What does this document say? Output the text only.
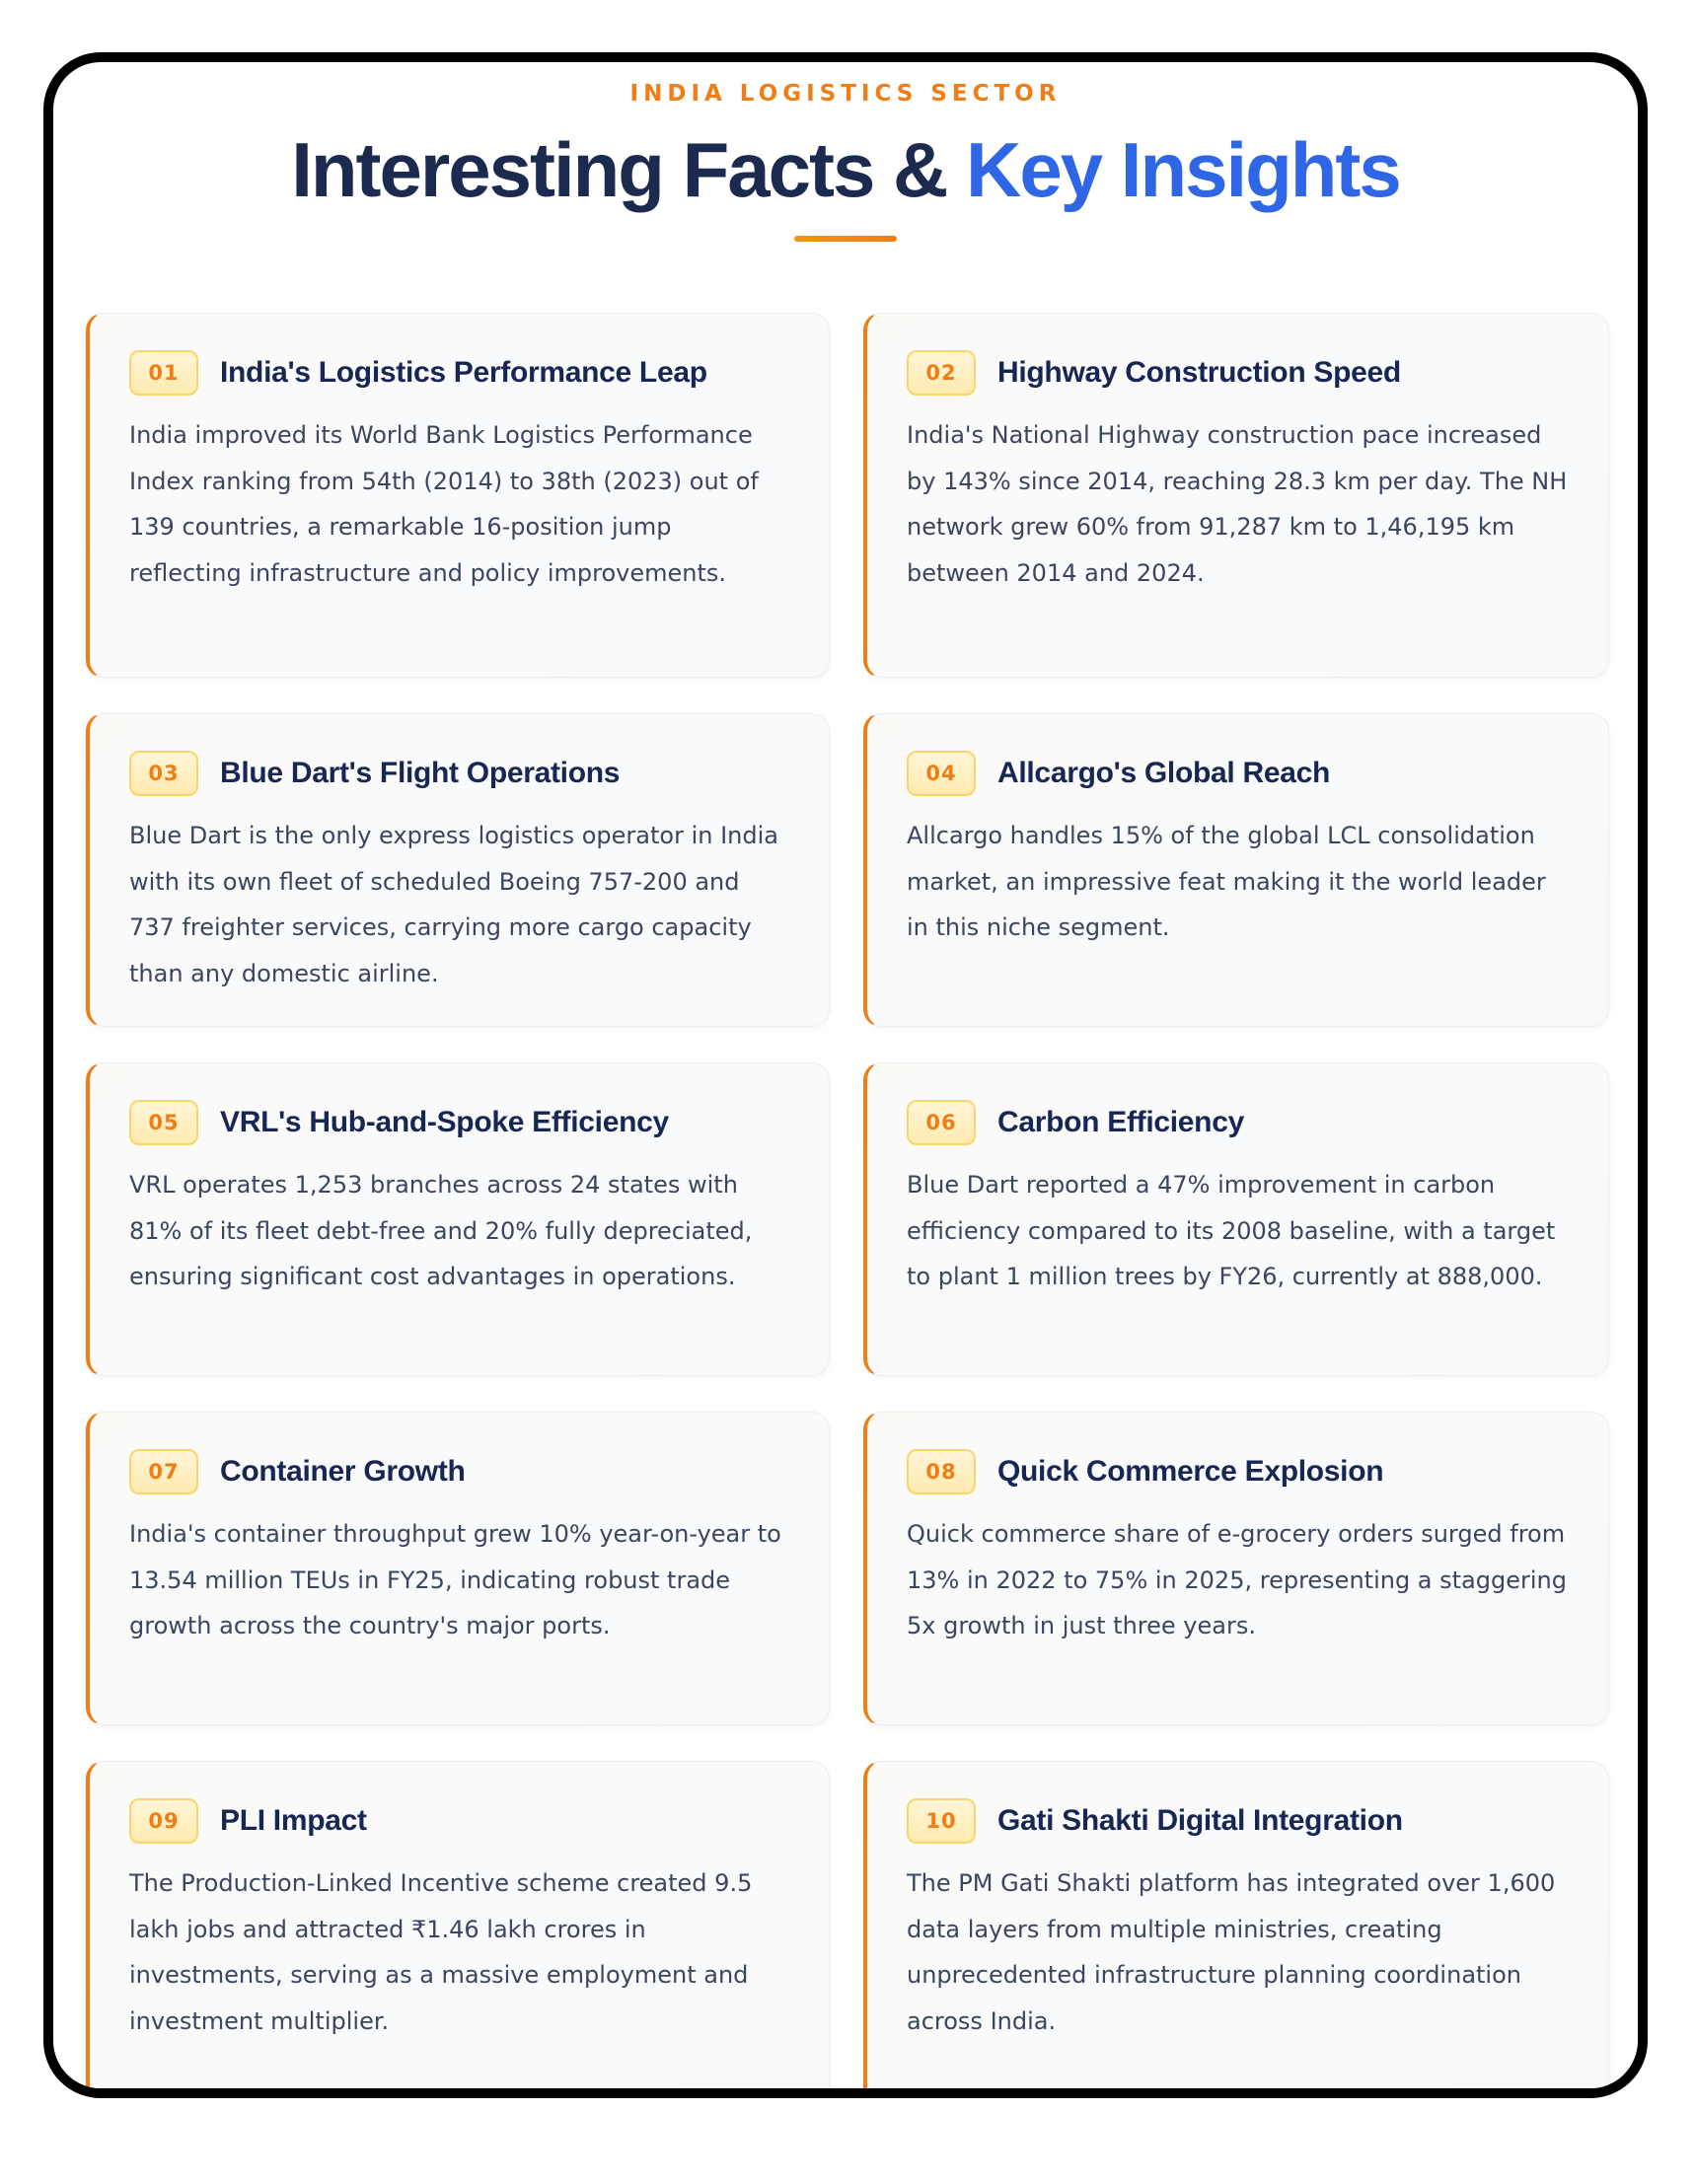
INDIA LOGISTICS SECTOR
Interesting Facts & Key Insights
01	India's Logistics Performance Leap

India improved its World Bank Logistics Performance Index ranking from 54th (2014) to 38th (2023) out of 139 countries, a remarkable 16-position jump reflecting infrastructure and policy improvements.

02	Highway Construction Speed

India's National Highway construction pace increased by 143% since 2014, reaching 28.3 km per day. The NH network grew 60% from 91,287 km to 1,46,195 km between 2014 and 2024.

03	Blue Dart's Flight Operations

Blue Dart is the only express logistics operator in India with its own fleet of scheduled Boeing 757-200 and 737 freighter services, carrying more cargo capacity than any domestic airline.

04	Allcargo's Global Reach

Allcargo handles 15% of the global LCL consolidation market, an impressive feat making it the world leader in this niche segment.

05	VRL's Hub-and-Spoke Efficiency

VRL operates 1,253 branches across 24 states with 81% of its fleet debt-free and 20% fully depreciated, ensuring significant cost advantages in operations.

06	Carbon Efficiency

Blue Dart reported a 47% improvement in carbon efficiency compared to its 2008 baseline, with a target to plant 1 million trees by FY26, currently at 888,000.

07	Container Growth

India's container throughput grew 10% year-on-year to 13.54 million TEUs in FY25, indicating robust trade growth across the country's major ports.

08	Quick Commerce Explosion

Quick commerce share of e-grocery orders surged from 13% in 2022 to 75% in 2025, representing a staggering 5x growth in just three years.

09	PLI Impact

The Production-Linked Incentive scheme created 9.5 lakh jobs and attracted ₹1.46 lakh crores in investments, serving as a massive employment and investment multiplier.

10	Gati Shakti Digital Integration

The PM Gati Shakti platform has integrated over 1,600 data layers from multiple ministries, creating unprecedented infrastructure planning coordination across India.
